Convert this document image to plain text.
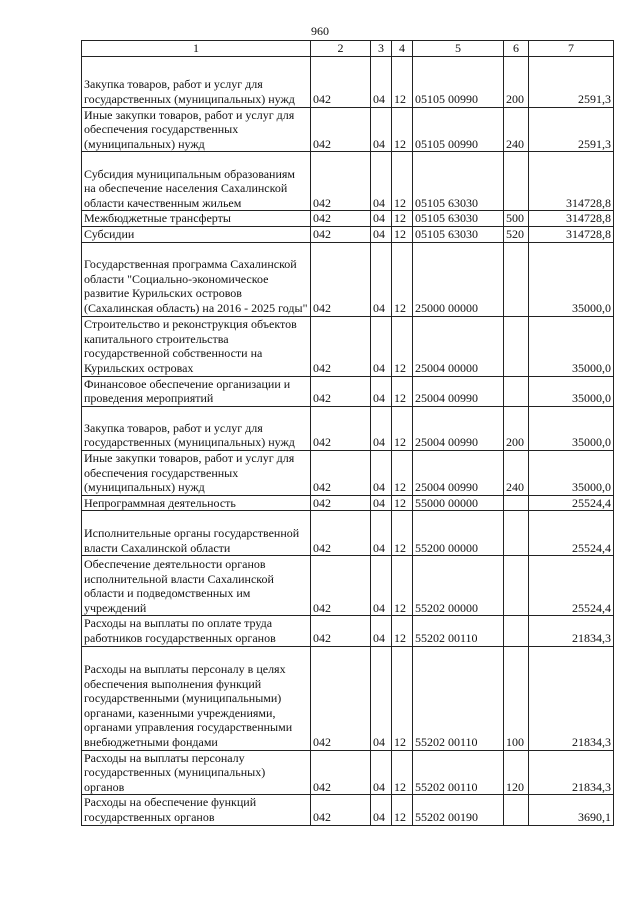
960
1	2	3	4	5	6	7
Закупка товаров, работ и услуг для государственных (муниципальных) нужд	042	04	12	05105 00990	200	2591,3
Иные закупки товаров, работ и услуг для обеспечения государственных (муниципальных) нужд	042	04	12	05105 00990	240	2591,3
Субсидия муниципальным образованиям на обеспечение населения Сахалинской области качественным жильем	042	04	12	05105 63030		314728,8
Межбюджетные трансферты	042	04	12	05105 63030	500	314728,8
Субсидии	042	04	12	05105 63030	520	314728,8
Государственная программа Сахалинской области "Социально-экономическое развитие Курильских островов (Сахалинская область) на 2016 - 2025 годы"	042	04	12	25000 00000		35000,0
Строительство и реконструкция объектов капитального строительства государственной собственности на Курильских островах	042	04	12	25004 00000		35000,0
Финансовое обеспечение организации и проведения мероприятий	042	04	12	25004 00990		35000,0
Закупка товаров, работ и услуг для государственных (муниципальных) нужд	042	04	12	25004 00990	200	35000,0
Иные закупки товаров, работ и услуг для обеспечения государственных (муниципальных) нужд	042	04	12	25004 00990	240	35000,0
Непрограммная деятельность	042	04	12	55000 00000		25524,4
Исполнительные органы государственной власти Сахалинской области	042	04	12	55200 00000		25524,4
Обеспечение деятельности органов исполнительной власти Сахалинской области и подведомственных им учреждений	042	04	12	55202 00000		25524,4
Расходы на выплаты по оплате труда работников государственных органов	042	04	12	55202 00110		21834,3
Расходы на выплаты персоналу в целях обеспечения выполнения функций государственными (муниципальными) органами, казенными учреждениями, органами управления государственными внебюджетными фондами	042	04	12	55202 00110	100	21834,3
Расходы на выплаты персоналу государственных (муниципальных) органов	042	04	12	55202 00110	120	21834,3
Расходы на обеспечение функций государственных органов	042	04	12	55202 00190		3690,1
